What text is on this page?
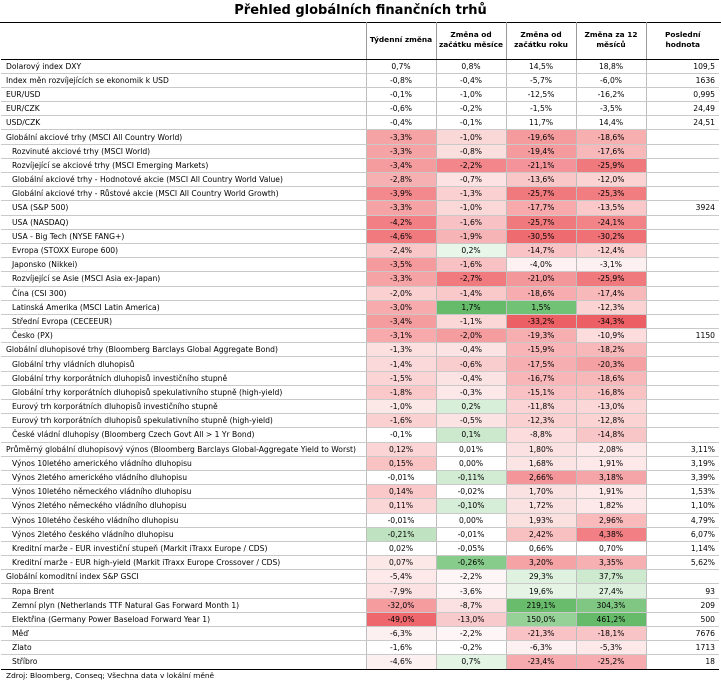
Přehled globálních finančních trhů
	Týdenní změna	Změna od začátku měsíce	Změna od začátku roku	Změna za 12 měsíců	Poslední hodnota
Dolarový index DXY	0,7%	0,8%	14,5%	18,8%	109,5
Index měn rozvíjejících se ekonomik k USD	-0,8%	-0,4%	-5,7%	-6,0%	1636
EUR/USD	-0,1%	-1,0%	-12,5%	-16,2%	0,995
EUR/CZK	-0,6%	-0,2%	-1,5%	-3,5%	24,49
USD/CZK	-0,4%	-0,1%	11,7%	14,4%	24,51
Globální akciové trhy (MSCI All Country World)	-3,3%	-1,0%	-19,6%	-18,6%	
Rozvinuté akciové trhy (MSCI World)	-3,3%	-0,8%	-19,4%	-17,6%	
Rozvíjející se akciové trhy (MSCI Emerging Markets)	-3,4%	-2,2%	-21,1%	-25,9%	
Globální akciové trhy - Hodnotové akcie (MSCI All Country World Value)	-2,8%	-0,7%	-13,6%	-12,0%	
Globální akciové trhy - Růstové akcie (MSCI All Country World Growth)	-3,9%	-1,3%	-25,7%	-25,3%	
USA (S&P 500)	-3,3%	-1,0%	-17,7%	-13,5%	3924
USA (NASDAQ)	-4,2%	-1,6%	-25,7%	-24,1%	
USA - Big Tech (NYSE FANG+)	-4,6%	-1,9%	-30,5%	-30,2%	
Evropa (STOXX Europe 600)	-2,4%	0,2%	-14,7%	-12,4%	
Japonsko (Nikkei)	-3,5%	-1,6%	-4,0%	-3,1%	
Rozvíjející se Asie (MSCI Asia ex-Japan)	-3,3%	-2,7%	-21,0%	-25,9%	
Čína (CSI 300)	-2,0%	-1,4%	-18,6%	-17,4%	
Latinská Amerika (MSCI Latin America)	-3,0%	1,7%	1,5%	-12,3%	
Střední Evropa (CECEEUR)	-3,4%	-1,1%	-33,2%	-34,3%	
Česko (PX)	-3,1%	-2,0%	-19,3%	-10,9%	1150
Globální dluhopisové trhy (Bloomberg Barclays Global Aggregate Bond)	-1,3%	-0,4%	-15,9%	-18,2%	
Globální trhy vládních dluhopisů	-1,4%	-0,6%	-17,5%	-20,3%	
Globální trhy korporátních dluhopisů investičního stupně	-1,5%	-0,4%	-16,7%	-18,6%	
Globální trhy korporátních dluhopisů spekulativního stupně (high-yield)	-1,8%	-0,3%	-15,1%	-16,8%	
Eurový trh korporátních dluhopisů investičního stupně	-1,0%	0,2%	-11,8%	-13,0%	
Eurový trh korporátních dluhopisů spekulativního stupně (high-yield)	-1,6%	-0,5%	-12,3%	-12,8%	
České vládní dluhopisy (Bloomberg Czech Govt All > 1 Yr Bond)	-0,1%	0,1%	-8,8%	-14,8%	
Průměrný globální dluhopisový výnos (Bloomberg Barclays Global-Aggregate Yield to Worst)	0,12%	0,01%	1,80%	2,08%	3,11%
Výnos 10letého amerického vládního dluhopisu	0,15%	0,00%	1,68%	1,91%	3,19%
Výnos 2letého amerického vládního dluhopisu	-0,01%	-0,11%	2,66%	3,18%	3,39%
Výnos 10letého německého vládního dluhopisu	0,14%	-0,02%	1,70%	1,91%	1,53%
Výnos 2letého německého vládního dluhopisu	0,11%	-0,10%	1,72%	1,82%	1,10%
Výnos 10letého českého vládního dluhopisu	-0,01%	0,00%	1,93%	2,96%	4,79%
Výnos 2letého českého vládního dluhopisu	-0,21%	-0,01%	2,42%	4,38%	6,07%
Kreditní marže - EUR investiční stupeň (Markit iTraxx Europe / CDS)	0,02%	-0,05%	0,66%	0,70%	1,14%
Kreditní marže - EUR high-yield (Markit iTraxx Europe Crossover / CDS)	0,07%	-0,26%	3,20%	3,35%	5,62%
Globální komoditní index S&P GSCI	-5,4%	-2,2%	29,3%	37,7%	
Ropa Brent	-7,9%	-3,6%	19,6%	27,4%	93
Zemní plyn (Netherlands TTF Natural Gas Forward Month 1)	-32,0%	-8,7%	219,1%	304,3%	209
Elektřina (Germany Power Baseload Forward Year 1)	-49,0%	-13,0%	150,0%	461,2%	500
Měď	-6,3%	-2,2%	-21,3%	-18,1%	7676
Zlato	-1,6%	-0,2%	-6,3%	-5,3%	1713
Stříbro	-4,6%	0,7%	-23,4%	-25,2%	18
Zdroj: Bloomberg, Conseq; Všechna data v lokální měně
